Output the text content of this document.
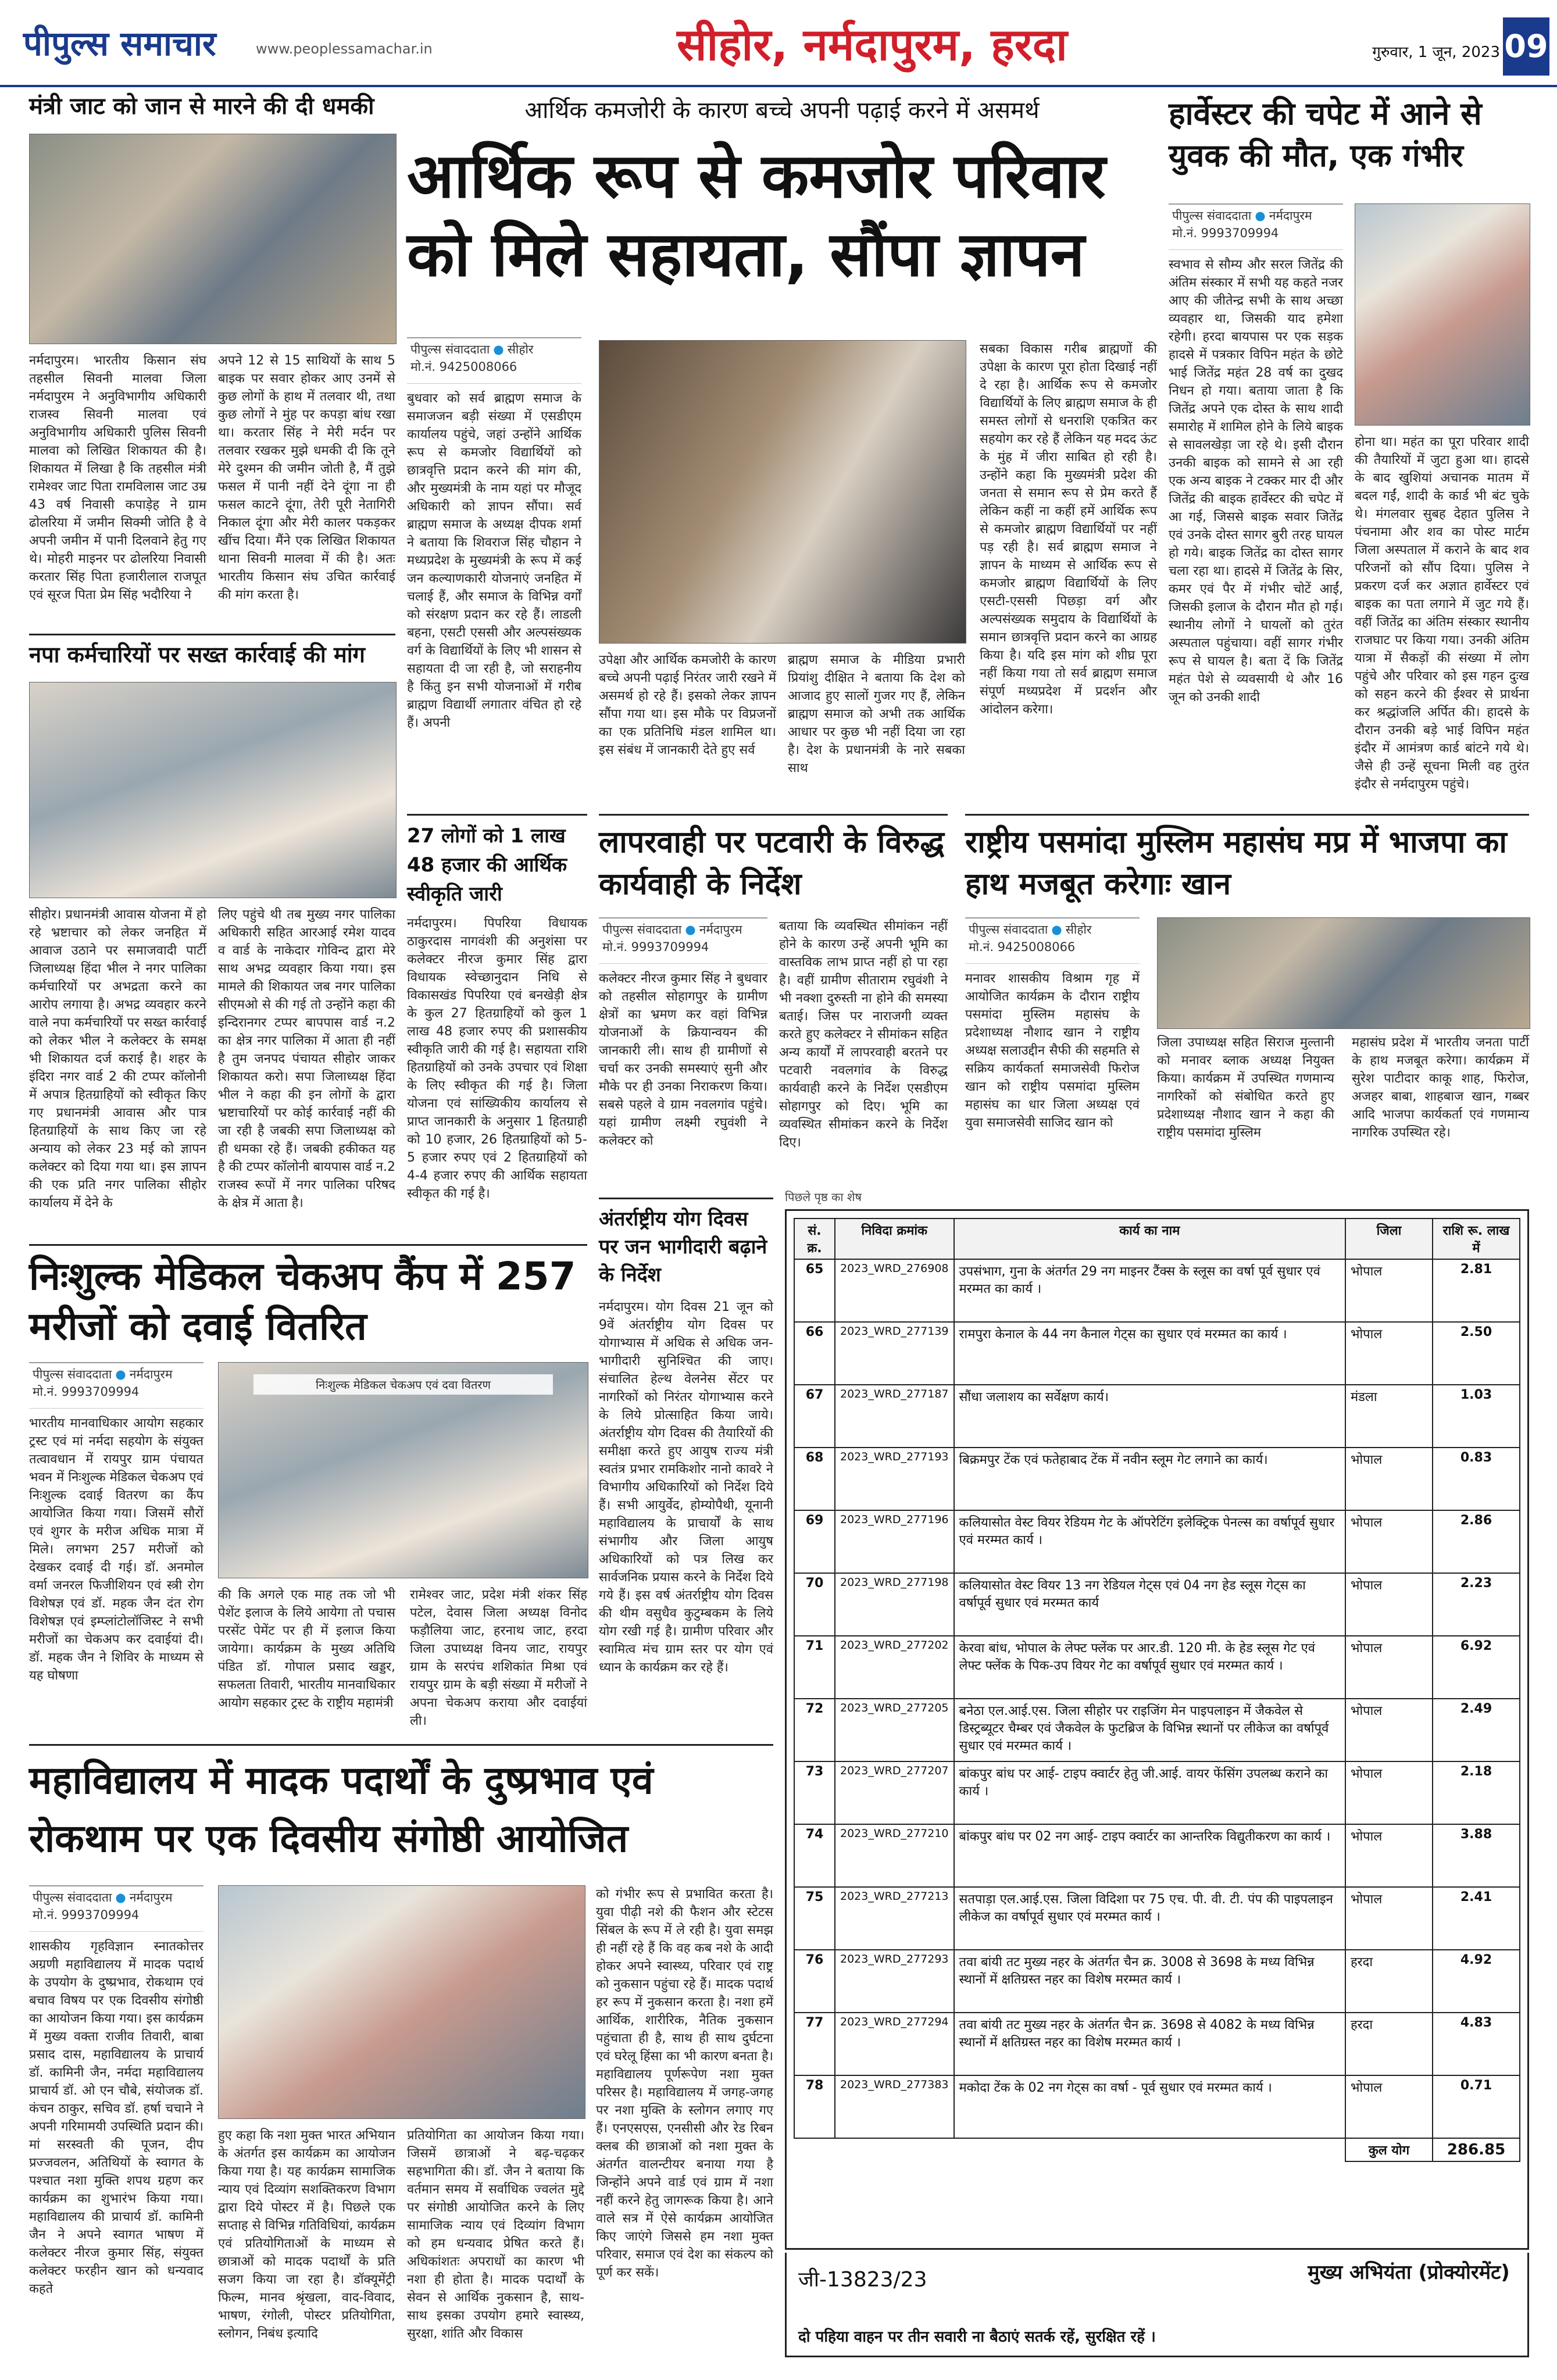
पीपुल्स समाचार	www.peoplessamachar.in	सीहोर, नर्मदापुरम, हरदा	गुरुवार, 1 जून, 2023 09
मंत्री जाट को जान से मारने की दी धमकी
नर्मदापुरम। भारतीय किसान संघ तहसील सिवनी मालवा जिला नर्मदापुरम ने अनुविभागीय अधिकारी राजस्व सिवनी मालवा एवं अनुविभागीय अधिकारी पुलिस सिवनी मालवा को लिखित शिकायत की है। शिकायत में लिखा है कि तहसील मंत्री रामेश्वर जाट पिता रामविलास जाट उम्र 43 वर्ष निवासी कपाड़ेह ने ग्राम ढोलरिया में जमीन सिक्मी जोति है वे अपनी जमीन में पानी दिलवाने हेतु गए थे। मोहरी माइनर पर ढोलरिया निवासी करतार सिंह पिता हजारीलाल राजपूत एवं सूरज पिता प्रेम सिंह भदौरिया ने
अपने 12 से 15 साथियों के साथ 5 बाइक पर सवार होकर आए उनमें से कुछ लोगों के हाथ में तलवार थी, तथा कुछ लोगों ने मुंह पर कपड़ा बांध रखा था। करतार सिंह ने मेरी मर्दन पर तलवार रखकर मुझे धमकी दी कि तूने मेरे दुश्मन की जमीन जोती है, मैं तुझे फसल में पानी नहीं देने दूंगा ना ही फसल काटने दूंगा, तेरी पूरी नेतागिरी निकाल दूंगा और मेरी कालर पकड़कर खींच दिया। मैंने एक लिखित शिकायत थाना सिवनी मालवा में की है। अतः भारतीय किसान संघ उचित कार्रवाई की मांग करता है।
नपा कर्मचारियों पर सख्त कार्रवाई की मांग
सीहोर। प्रधानमंत्री आवास योजना में हो रहे भ्रष्टाचार को लेकर जनहित में आवाज उठाने पर समाजवादी पार्टी जिलाध्यक्ष हिंदा भील ने नगर पालिका कर्मचारियों पर अभद्रता करने का आरोप लगाया है। अभद्र व्यवहार करने वाले नपा कर्मचारियों पर सख्त कार्रवाई को लेकर भील ने कलेक्टर के समक्ष भी शिकायत दर्ज कराई है। शहर के इंदिरा नगर वार्ड 2 की टप्पर कॉलोनी में अपात्र हितग्राहियों को स्वीकृत किए गए प्रधानमंत्री आवास और पात्र हितग्राहियों के साथ किए जा रहे अन्याय को लेकर 23 मई को ज्ञापन कलेक्टर को दिया गया था। इस ज्ञापन की एक प्रति नगर पालिका सीहोर कार्यालय में देने के
लिए पहुंचे थी तब मुख्य नगर पालिका अधिकारी सहित आरआई रमेश यादव व वार्ड के नाकेदार गोविन्द द्वारा मेरे साथ अभद्र व्यवहार किया गया। इस मामले की शिकायत जब नगर पालिका सीएमओ से की गई तो उन्होंने कहा की इन्दिरानगर टप्पर बापपास वार्ड न.2 का क्षेत्र नगर पालिका में आता ही नहीं है तुम जनपद पंचायत सीहोर जाकर शिकायत करो। सपा जिलाध्यक्ष हिंदा भील ने कहा की इन लोगों के द्वारा भ्रष्टाचारियों पर कोई कार्रवाई नहीं की जा रही है जबकी सपा जिलाध्यक्ष को ही धमका रहे हैं। जबकी हकीकत यह है की टप्पर कॉलोनी बायपास वार्ड न.2 राजस्व रूपों में नगर पालिका परिषद के क्षेत्र में आता है।
आर्थिक कमजोरी के कारण बच्चे अपनी पढ़ाई करने में असमर्थ
आर्थिक रूप से कमजोर परिवार को मिले सहायता, सौंपा ज्ञापन
पीपुल्स संवाददाता ● सीहोर
मो.नं. 9425008066
बुधवार को सर्व ब्राह्मण समाज के समाजजन बड़ी संख्या में एसडीएम कार्यालय पहुंचे, जहां उन्होंने आर्थिक रूप से कमजोर विद्यार्थियों को छात्रवृत्ति प्रदान करने की मांग की, और मुख्यमंत्री के नाम यहां पर मौजूद अधिकारी को ज्ञापन सौंपा। सर्व ब्राह्मण समाज के अध्यक्ष दीपक शर्मा ने बताया कि शिवराज सिंह चौहान ने मध्यप्रदेश के मुख्यमंत्री के रूप में कई जन कल्याणकारी योजनाएं जनहित में चलाई हैं, और समाज के विभिन्न वर्गों को संरक्षण प्रदान कर रहे हैं। लाडली बहना, एसटी एससी और अल्पसंख्यक वर्ग के विद्यार्थियों के लिए भी शासन से सहायता दी जा रही है, जो सराहनीय है किंतु इन सभी योजनाओं में गरीब ब्राह्मण विद्यार्थी लगातार वंचित हो रहे हैं। अपनी
उपेक्षा और आर्थिक कमजोरी के कारण बच्चे अपनी पढ़ाई निरंतर जारी रखने में असमर्थ हो रहे हैं। इसको लेकर ज्ञापन सौंपा गया था। इस मौके पर विप्रजनों का एक प्रतिनिधि मंडल शामिल था। इस संबंध में जानकारी देते हुए सर्व
ब्राह्मण समाज के मीडिया प्रभारी प्रियांशु दीक्षित ने बताया कि देश को आजाद हुए सालों गुजर गए हैं, लेकिन ब्राह्मण समाज को अभी तक आर्थिक आधार पर कुछ भी नहीं दिया जा रहा है। देश के प्रधानमंत्री के नारे सबका साथ
सबका विकास गरीब ब्राह्मणों की उपेक्षा के कारण पूरा होता दिखाई नहीं दे रहा है। आर्थिक रूप से कमजोर विद्यार्थियों के लिए ब्राह्मण समाज के ही समस्त लोगों से धनराशि एकत्रित कर सहयोग कर रहे हैं लेकिन यह मदद ऊंट के मुंह में जीरा साबित हो रही है। उन्होंने कहा कि मुख्यमंत्री प्रदेश की जनता से समान रूप से प्रेम करते हैं लेकिन कहीं ना कहीं हमें आर्थिक रूप से कमजोर ब्राह्मण विद्यार्थियों पर नहीं पड़ रही है। सर्व ब्राह्मण समाज ने ज्ञापन के माध्यम से आर्थिक रूप से कमजोर ब्राह्मण विद्यार्थियों के लिए एसटी-एससी पिछड़ा वर्ग और अल्पसंख्यक समुदाय के विद्यार्थियों के समान छात्रवृत्ति प्रदान करने का आग्रह किया है। यदि इस मांग को शीघ्र पूरा नहीं किया गया तो सर्व ब्राह्मण समाज संपूर्ण मध्यप्रदेश में प्रदर्शन और आंदोलन करेगा।
हार्वेस्टर की चपेट में आने से युवक की मौत, एक गंभीर
पीपुल्स संवाददाता ● नर्मदापुरम
मो.नं. 9993709994
स्वभाव से सौम्य और सरल जितेंद्र की अंतिम संस्कार में सभी यह कहते नजर आए की जीतेन्द्र सभी के साथ अच्छा व्यवहार था, जिसकी याद हमेशा रहेगी। हरदा बायपास पर एक सड़क हादसे में पत्रकार विपिन महंत के छोटे भाई जितेंद्र महंत 28 वर्ष का दुखद निधन हो गया। बताया जाता है कि जितेंद्र अपने एक दोस्त के साथ शादी समारोह में शामिल होने के लिये बाइक से सावलखेड़ा जा रहे थे। इसी दौरान उनकी बाइक को सामने से आ रही एक अन्य बाइक ने टक्कर मार दी और जितेंद्र की बाइक हार्वेस्टर की चपेट में आ गई, जिससे बाइक सवार जितेंद्र एवं उनके दोस्त सागर बुरी तरह घायल हो गये। बाइक जितेंद्र का दोस्त सागर चला रहा था। हादसे में जितेंद्र के सिर, कमर एवं पैर में गंभीर चोटें आईं, जिसकी इलाज के दौरान मौत हो गई। स्थानीय लोगों ने घायलों को तुरंत अस्पताल पहुंचाया। वहीं सागर गंभीर रूप से घायल है। बता दें कि जितेंद्र महंत पेशे से व्यवसायी थे और 16 जून को उनकी शादी
होना था। महंत का पूरा परिवार शादी की तैयारियों में जुटा हुआ था। हादसे के बाद खुशियां अचानक मातम में बदल गईं, शादी के कार्ड भी बंट चुके थे। मंगलवार सुबह देहात पुलिस ने पंचनामा और शव का पोस्ट मार्टम जिला अस्पताल में कराने के बाद शव परिजनों को सौंप दिया। पुलिस ने प्रकरण दर्ज कर अज्ञात हार्वेस्टर एवं बाइक का पता लगाने में जुट गये हैं। वहीं जितेंद्र का अंतिम संस्कार स्थानीय राजघाट पर किया गया। उनकी अंतिम यात्रा में सैकड़ों की संख्या में लोग पहुंचे और परिवार को इस गहन दुःख को सहन करने की ईश्वर से प्रार्थना कर श्रद्धांजलि अर्पित की। हादसे के दौरान उनकी बड़े भाई विपिन महंत इंदौर में आमंत्रण कार्ड बांटने गये थे। जैसे ही उन्हें सूचना मिली वह तुरंत इंदौर से नर्मदापुरम पहुंचे।
27 लोगों को 1 लाख 48 हजार की आर्थिक स्वीकृति जारी
नर्मदापुरम। पिपरिया विधायक ठाकुरदास नागवंशी की अनुशंसा पर कलेक्टर नीरज कुमार सिंह द्वारा विधायक स्वेच्छानुदान निधि से विकासखंड पिपरिया एवं बनखेड़ी क्षेत्र के कुल 27 हितग्राहियों को कुल 1 लाख 48 हजार रुपए की प्रशासकीय स्वीकृति जारी की गई है। सहायता राशि हितग्राहियों को उनके उपचार एवं शिक्षा के लिए स्वीकृत की गई है। जिला योजना एवं सांख्यिकीय कार्यालय से प्राप्त जानकारी के अनुसार 1 हितग्राही को 10 हजार, 26 हितग्राहियों को 5-5 हजार रुपए एवं 2 हितग्राहियों को 4-4 हजार रुपए की आर्थिक सहायता स्वीकृत की गई है।
लापरवाही पर पटवारी के विरुद्ध कार्यवाही के निर्देश
पीपुल्स संवाददाता ● नर्मदापुरम
मो.नं. 9993709994
कलेक्टर नीरज कुमार सिंह ने बुधवार को तहसील सोहागपुर के ग्रामीण क्षेत्रों का भ्रमण कर वहां विभिन्न योजनाओं के क्रियान्वयन की जानकारी ली। साथ ही ग्रामीणों से चर्चा कर उनकी समस्याएं सुनी और मौके पर ही उनका निराकरण किया। सबसे पहले वे ग्राम नवलगांव पहुंचे। यहां ग्रामीण लक्ष्मी रघुवंशी ने कलेक्टर को
बताया कि व्यवस्थित सीमांकन नहीं होने के कारण उन्हें अपनी भूमि का वास्तविक लाभ प्राप्त नहीं हो पा रहा है। वहीं ग्रामीण सीताराम रघुवंशी ने भी नक्शा दुरुस्ती ना होने की समस्या बताई। जिस पर नाराजगी व्यक्त करते हुए कलेक्टर ने सीमांकन सहित अन्य कार्यों में लापरवाही बरतने पर पटवारी नवलगांव के विरुद्ध कार्यवाही करने के निर्देश एसडीएम सोहागपुर को दिए। भूमि का व्यवस्थित सीमांकन करने के निर्देश दिए।
राष्ट्रीय पसमांदा मुस्लिम महासंघ मप्र में भाजपा का हाथ मजबूत करेगाः खान
पीपुल्स संवाददाता ● सीहोर
मो.नं. 9425008066
मनावर शासकीय विश्राम गृह में आयोजित कार्यक्रम के दौरान राष्ट्रीय पसमांदा मुस्लिम महासंघ के प्रदेशाध्यक्ष नौशाद खान ने राष्ट्रीय अध्यक्ष सलाउद्दीन सैफी की सहमति से सक्रिय कार्यकर्ता समाजसेवी फिरोज खान को राष्ट्रीय पसमांदा मुस्लिम महासंघ का धार जिला अध्यक्ष एवं युवा समाजसेवी साजिद खान को
जिला उपाध्यक्ष सहित सिराज मुल्तानी को मनावर ब्लाक अध्यक्ष नियुक्त किया। कार्यक्रम में उपस्थित गणमान्य नागरिकों को संबोधित करते हुए प्रदेशाध्यक्ष नौशाद खान ने कहा की राष्ट्रीय पसमांदा मुस्लिम
महासंघ प्रदेश में भारतीय जनता पार्टी के हाथ मजबूत करेगा। कार्यक्रम में सुरेश पाटीदार काकू शाह, फिरोज, अजहर बाबा, शाहबाज खान, गब्बर आदि भाजपा कार्यकर्ता एवं गणमान्य नागरिक उपस्थित रहे।
अंतर्राष्ट्रीय योग दिवस पर जन भागीदारी बढ़ाने के निर्देश
नर्मदापुरम। योग दिवस 21 जून को 9वें अंतर्राष्ट्रीय योग दिवस पर योगाभ्यास में अधिक से अधिक जन-भागीदारी सुनिश्चित की जाए। संचालित हेल्थ वेलनेस सेंटर पर नागरिकों को निरंतर योगाभ्यास करने के लिये प्रोत्साहित किया जाये। अंतर्राष्ट्रीय योग दिवस की तैयारियों की समीक्षा करते हुए आयुष राज्य मंत्री स्वतंत्र प्रभार रामकिशोर नानो कावरे ने विभागीय अधिकारियों को निर्देश दिये हैं। सभी आयुर्वेद, होम्योपैथी, यूनानी महाविद्यालय के प्राचार्यों के साथ संभागीय और जिला आयुष अधिकारियों को पत्र लिख कर सार्वजनिक प्रयास करने के निर्देश दिये गये हैं। इस वर्ष अंतर्राष्ट्रीय योग दिवस की थीम वसुधैव कुटुम्बकम के लिये योग रखी गई है। ग्रामीण परिवार और स्वामित्व मंच ग्राम स्तर पर योग एवं ध्यान के कार्यक्रम कर रहे हैं।
निःशुल्क मेडिकल चेकअप कैंप में 257 मरीजों को दवाई वितरित
पीपुल्स संवाददाता ● नर्मदापुरम
मो.नं. 9993709994
भारतीय मानवाधिकार आयोग सहकार ट्रस्ट एवं मां नर्मदा सहयोग के संयुक्त तत्वावधान में रायपुर ग्राम पंचायत भवन में निःशुल्क मेडिकल चेकअप एवं निःशुल्क दवाई वितरण का कैंप आयोजित किया गया। जिसमें सौरों एवं शुगर के मरीज अधिक मात्रा में मिले। लगभग 257 मरीजों को देखकर दवाई दी गई। डॉ. अनमोल वर्मा जनरल फिजीशियन एवं स्त्री रोग विशेषज्ञ एवं डॉ. महक जैन दंत रोग विशेषज्ञ एवं इम्प्लांटोलॉजिस्ट ने सभी मरीजों का चेकअप कर दवाईयां दी। डॉ. महक जैन ने शिविर के माध्यम से यह घोषणा
निःशुल्क मेडिकल चेकअप एवं दवा वितरण
की कि अगले एक माह तक जो भी पेशेंट इलाज के लिये आयेगा तो पचास परसेंट पेमेंट पर ही में इलाज किया जायेगा। कार्यक्रम के मुख्य अतिथि पंडित डॉ. गोपाल प्रसाद खड्डर, सफलता तिवारी, भारतीय मानवाधिकार आयोग सहकार ट्रस्ट के राष्ट्रीय महामंत्री
रामेश्वर जाट, प्रदेश मंत्री शंकर सिंह पटेल, देवास जिला अध्यक्ष विनोद फड़ौलिया जाट, हरनाथ जाट, हरदा जिला उपाध्यक्ष विनय जाट, रायपुर ग्राम के सरपंच शशिकांत मिश्रा एवं रायपुर ग्राम के बड़ी संख्या में मरीजों ने अपना चेकअप कराया और दवाईयां ली।
महाविद्यालय में मादक पदार्थों के दुष्प्रभाव एवं रोकथाम पर एक दिवसीय संगोष्ठी आयोजित
पीपुल्स संवाददाता ● नर्मदापुरम
मो.नं. 9993709994
शासकीय गृहविज्ञान स्नातकोत्तर अग्रणी महाविद्यालय में मादक पदार्थ के उपयोग के दुष्प्रभाव, रोकथाम एवं बचाव विषय पर एक दिवसीय संगोष्ठी का आयोजन किया गया। इस कार्यक्रम में मुख्य वक्ता राजीव तिवारी, बाबा प्रसाद दास, महाविद्यालय के प्राचार्य डॉ. कामिनी जैन, नर्मदा महाविद्यालय प्राचार्य डॉ. ओ एन चौबे, संयोजक डॉ. कंचन ठाकुर, सचिव डॉ. हर्षा चचाने ने अपनी गरिमामयी उपस्थिति प्रदान की। मां सरस्वती की पूजन, दीप प्रज्जवलन, अतिथियों के स्वागत के पश्चात नशा मुक्ति शपथ ग्रहण कर कार्यक्रम का शुभारंभ किया गया। महाविद्यालय की प्राचार्य डॉ. कामिनी जैन ने अपने स्वागत भाषण में कलेक्टर नीरज कुमार सिंह, संयुक्त कलेक्टर फरहीन खान को धन्यवाद कहते
हुए कहा कि नशा मुक्त भारत अभियान के अंतर्गत इस कार्यक्रम का आयोजन किया गया है। यह कार्यक्रम सामाजिक न्याय एवं दिव्यांग सशक्तिकरण विभाग द्वारा दिये पोस्टर में है। पिछले एक सप्ताह से विभिन्न गतिविधियां, कार्यक्रम एवं प्रतियोगिताओं के माध्यम से छात्राओं को मादक पदार्थों के प्रति सजग किया जा रहा है। डॉक्यूमेंट्री फिल्म, मानव श्रृंखला, वाद-विवाद, भाषण, रंगोली, पोस्टर प्रतियोगिता, स्लोगन, निबंध इत्यादि
प्रतियोगिता का आयोजन किया गया। जिसमें छात्राओं ने बढ़-चढ़कर सहभागिता की। डॉ. जैन ने बताया कि वर्तमान समय में सर्वाधिक ज्वलंत मुद्दे पर संगोष्ठी आयोजित करने के लिए सामाजिक न्याय एवं दिव्यांग विभाग को हम धन्यवाद प्रेषित करते हैं। अधिकांशतः अपराधों का कारण भी नशा ही होता है। मादक पदार्थों के सेवन से आर्थिक नुकसान है, साथ-साथ इसका उपयोग हमारे स्वास्थ्य, सुरक्षा, शांति और विकास
को गंभीर रूप से प्रभावित करता है। युवा पीढ़ी नशे की फैशन और स्टेटस सिंबल के रूप में ले रही है। युवा समझ ही नहीं रहे हैं कि वह कब नशे के आदी होकर अपने स्वास्थ्य, परिवार एवं राष्ट्र को नुकसान पहुंचा रहे हैं। मादक पदार्थ हर रूप में नुकसान करता है। नशा हमें आर्थिक, शारीरिक, नैतिक नुकसान पहुंचाता ही है, साथ ही साथ दुर्घटना एवं घरेलू हिंसा का भी कारण बनता है। महाविद्यालय पूर्णरूपेण नशा मुक्त परिसर है। महाविद्यालय में जगह-जगह पर नशा मुक्ति के स्लोगन लगाए गए हैं। एनएसएस, एनसीसी और रेड रिबन क्लब की छात्राओं को नशा मुक्त के अंतर्गत वालन्टीयर बनाया गया है जिन्होंने अपने वार्ड एवं ग्राम में नशा नहीं करने हेतु जागरूक किया है। आने वाले सत्र में ऐसे कार्यक्रम आयोजित किए जाएंगे जिससे हम नशा मुक्त परिवार, समाज एवं देश का संकल्प को पूर्ण कर सकें।
पिछले पृष्ठ का शेष
सं. क्र.	निविदा क्रमांक	कार्य का नाम	जिला	राशि रू. लाख में
65	2023_WRD_276908	उपसंभाग, गुना के अंतर्गत 29 नग माइनर टैंक्स के स्लूस का वर्षा पूर्व सुधार एवं मरम्मत का कार्य ।	भोपाल	2.81
66	2023_WRD_277139	रामपुरा केनाल के 44 नग कैनाल गेट्स का सुधार एवं मरम्मत का कार्य ।	भोपाल	2.50
67	2023_WRD_277187	सौंधा जलाशय का सर्वेक्षण कार्य।	मंडला	1.03
68	2023_WRD_277193	बिक्रमपुर टेंक एवं फतेहाबाद टेंक में नवीन स्लूम गेट लगाने का कार्य।	भोपाल	0.83
69	2023_WRD_277196	कलियासोत वेस्ट वियर रेडियम गेट के ऑपरेटिंग इलेक्ट्रिक पेनल्स का वर्षापूर्व सुधार एवं मरम्मत कार्य ।	भोपाल	2.86
70	2023_WRD_277198	कलियासोत वेस्ट वियर 13 नग रेडियल गेट्स एवं 04 नग हेड स्लूस गेट्स का वर्षापूर्व सुधार एवं मरम्मत कार्य	भोपाल	2.23
71	2023_WRD_277202	केरवा बांध, भोपाल के लेफ्ट फ्लेंक पर आर.डी. 120 मी. के हेड स्लूस गेट एवं लेफ्ट फ्लेंक के पिक-उप वियर गेट का वर्षापूर्व सुधार एवं मरम्मत कार्य ।	भोपाल	6.92
72	2023_WRD_277205	बनेठा एल.आई.एस. जिला सीहोर पर राइजिंग मेन पाइपलाइन में जैकवेल से डिस्ट्रब्यूटर चैम्बर एवं जैकवेल के फुटब्रिज के विभिन्न स्थानों पर लीकेज का वर्षापूर्व सुधार एवं मरम्मत कार्य ।	भोपाल	2.49
73	2023_WRD_277207	बांकपुर बांध पर आई- टाइप क्वार्टर हेतु जी.आई. वायर फेंसिंग उपलब्ध कराने का कार्य ।	भोपाल	2.18
74	2023_WRD_277210	बांकपुर बांध पर 02 नग आई- टाइप क्वार्टर का आन्तरिक विद्युतीकरण का कार्य ।	भोपाल	3.88
75	2023_WRD_277213	सतपाड़ा एल.आई.एस. जिला विदिशा पर 75 एच. पी. वी. टी. पंप की पाइपलाइन लीकेज का वर्षापूर्व सुधार एवं मरम्मत कार्य ।	भोपाल	2.41
76	2023_WRD_277293	तवा बांयी तट मुख्य नहर के अंतर्गत चैन क्र. 3008 से 3698 के मध्य विभिन्न स्थानों में क्षतिग्रस्त नहर का विशेष मरम्मत कार्य ।	हरदा	4.92
77	2023_WRD_277294	तवा बांयी तट मुख्य नहर के अंतर्गत चैन क्र. 3698 से 4082 के मध्य विभिन्न स्थानों में क्षतिग्रस्त नहर का विशेष मरम्मत कार्य ।	हरदा	4.83
78	2023_WRD_277383	मकोदा टेंक के 02 नग गेट्स का वर्षा - पूर्व सुधार एवं मरम्मत कार्य ।	भोपाल	0.71
			कुल योग	286.85
जी-13823/23	मुख्य अभियंता (प्रोक्योरमेंट)
दो पहिया वाहन पर तीन सवारी ना बैठाएं सतर्क रहें, सुरक्षित रहें ।
